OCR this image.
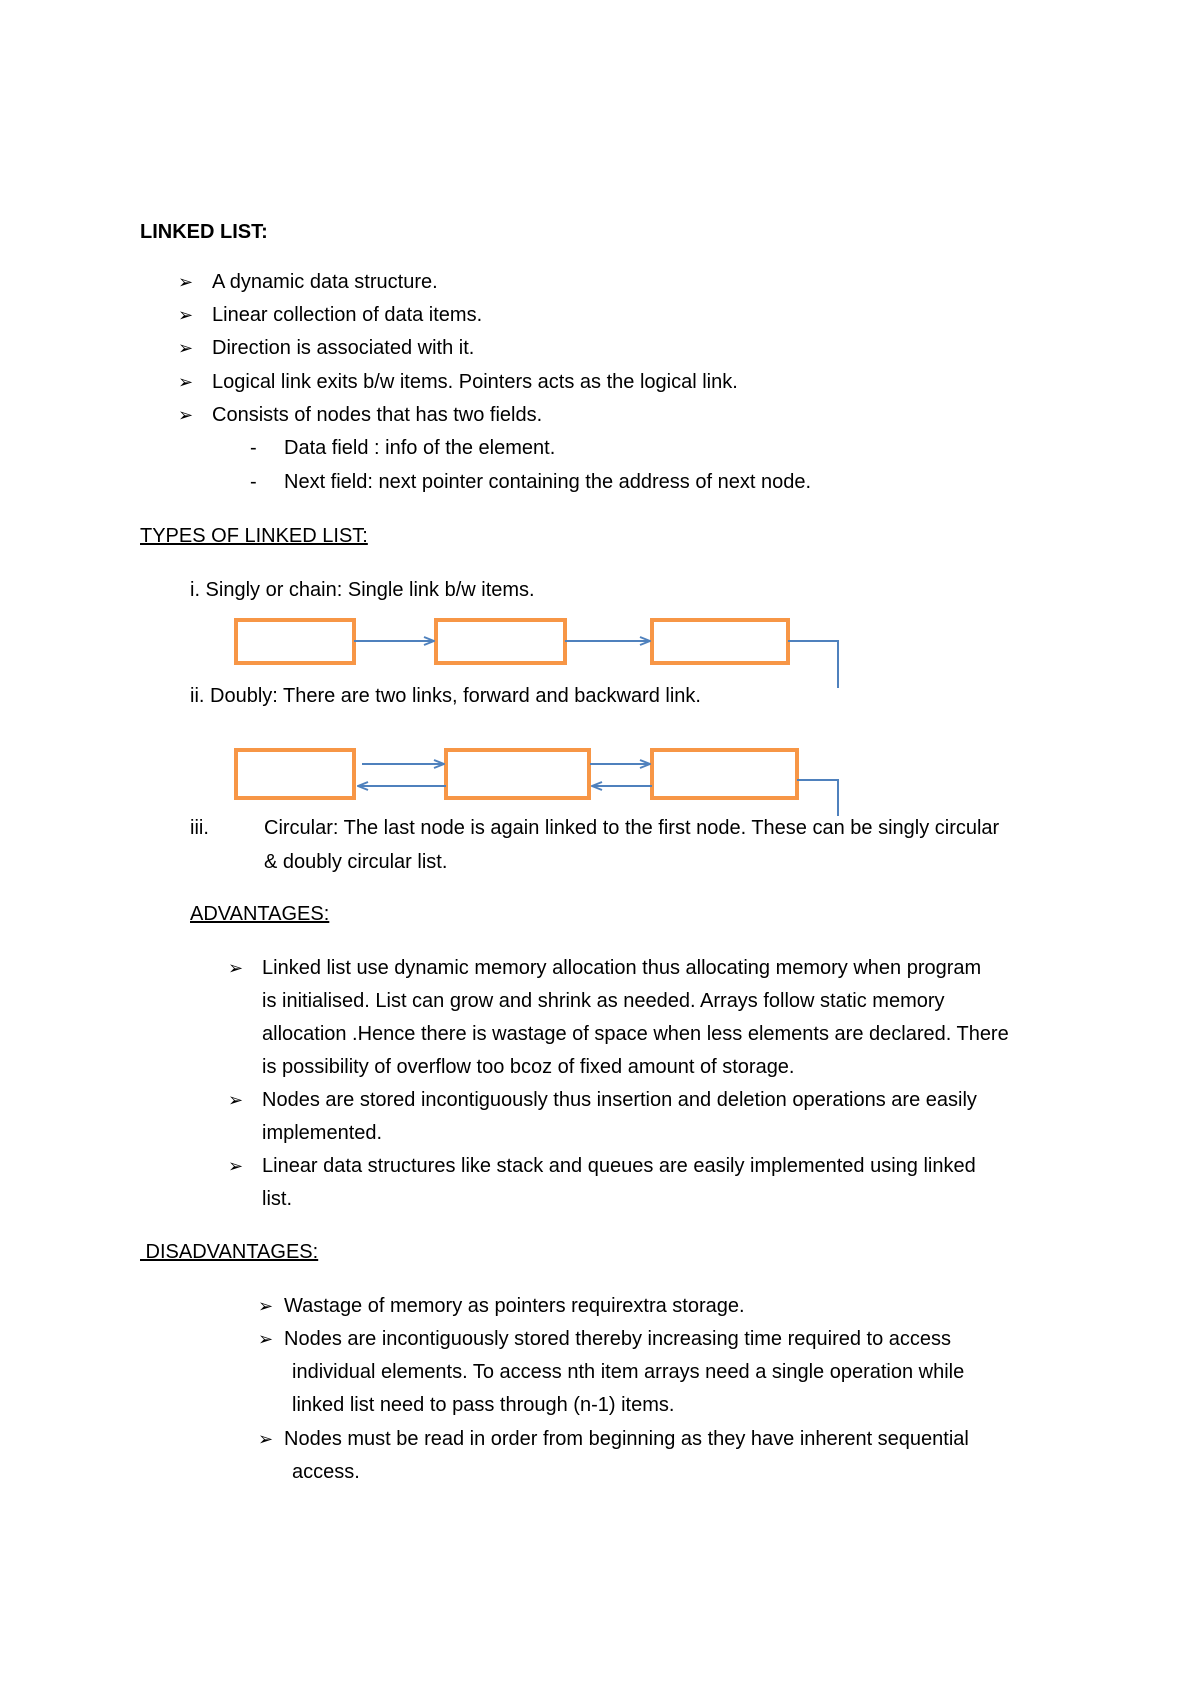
LINKED LIST:
➢ A dynamic data structure.
➢ Linear collection of data items.
➢ Direction is associated with it.
➢ Logical link exits b/w items. Pointers acts as the logical link.
➢ Consists of nodes that has two fields.
- Data field : info of the element.
- Next field: next pointer containing the address of next node.
TYPES OF LINKED LIST:
i. Singly or chain: Single link b/w items.
ii. Doubly: There are two links, forward and backward link.
iii.	Circular: The last node is again linked to the first node. These can be singly circular
& doubly circular list.
ADVANTAGES:
➢ Linked list use dynamic memory allocation thus allocating memory when program
is initialised. List can grow and shrink as needed. Arrays follow static memory
allocation .Hence there is wastage of space when less elements are declared. There
is possibility of overflow too bcoz of fixed amount of storage.
➢ Nodes are stored incontiguously thus insertion and deletion operations are easily
implemented.
➢ Linear data structures like stack and queues are easily implemented using linked
list.
DISADVANTAGES:
➢ Wastage of memory as pointers requirextra storage.
➢ Nodes are incontiguously stored thereby increasing time required to access
individual elements. To access nth item arrays need a single operation while
linked list need to pass through (n-1) items.
➢ Nodes must be read in order from beginning as they have inherent sequential
access.
